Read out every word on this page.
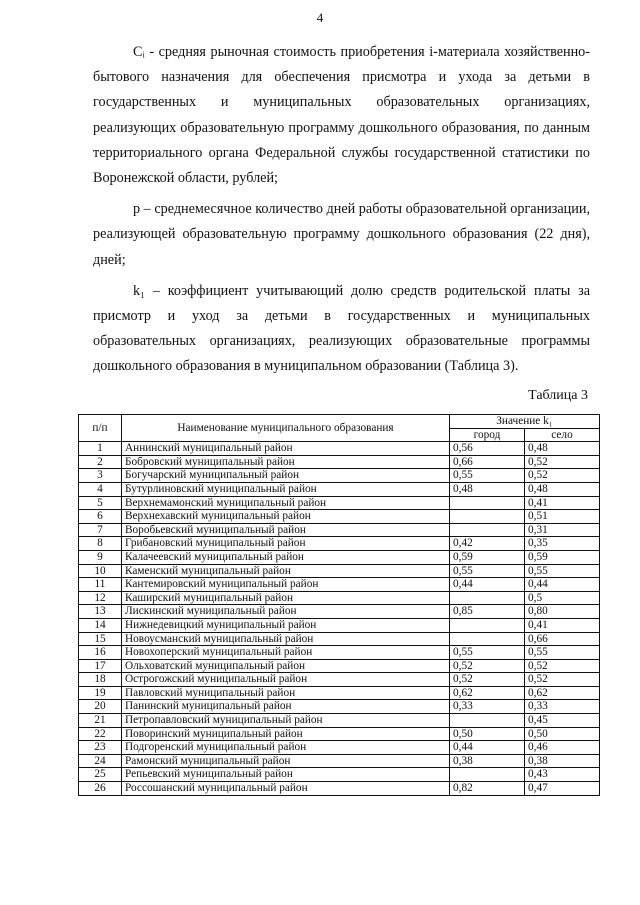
4

Cᵢ - средняя рыночная стоимость приобретения i-материала хозяйственно-бытового назначения для обеспечения присмотра и ухода за детьми в государственных и муниципальных образовательных организациях, реализующих образовательную программу дошкольного образования, по данным территориального органа Федеральной службы государственной статистики по Воронежской области, рублей;

p – среднемесячное количество дней работы образовательной организации, реализующей образовательную программу дошкольного образования (22 дня), дней;

k₁ – коэффициент учитывающий долю средств родительской платы за присмотр и уход за детьми в государственных и муниципальных образовательных организациях, реализующих образовательные программы дошкольного образования в муниципальном образовании (Таблица 3).

Таблица 3
п/п	Наименование муниципального образования	Значение k₁	
		город	село
1	Аннинский муниципальный район	0,56	0,48
2	Бобровский муниципальный район	0,66	0,52
3	Богучарский муниципальный район	0,55	0,52
4	Бутурлиновский муниципальный район	0,48	0,48
5	Верхнемамонский муниципальный район		0,41
6	Верхнехавский муниципальный район		0,51
7	Воробьевский муниципальный район		0,31
8	Грибановский муниципальный район	0,42	0,35
9	Калачеевский муниципальный район	0,59	0,59
10	Каменский муниципальный район	0,55	0,55
11	Кантемировский муниципальный район	0,44	0,44
12	Каширский муниципальный район		0,5
13	Лискинский муниципальный район	0,85	0,80
14	Нижнедевицкий муниципальный район		0,41
15	Новоусманский муниципальный район		0,66
16	Новохоперский муниципальный район	0,55	0,55
17	Ольховатский муниципальный район	0,52	0,52
18	Острогожский муниципальный район	0,52	0,52
19	Павловский муниципальный район	0,62	0,62
20	Панинский муниципальный район	0,33	0,33
21	Петропавловский муниципальный район		0,45
22	Поворинский муниципальный район	0,50	0,50
23	Подгоренский муниципальный район	0,44	0,46
24	Рамонский муниципальный район	0,38	0,38
25	Репьевский муниципальный район		0,43
26	Россошанский муниципальный район	0,82	0,47
